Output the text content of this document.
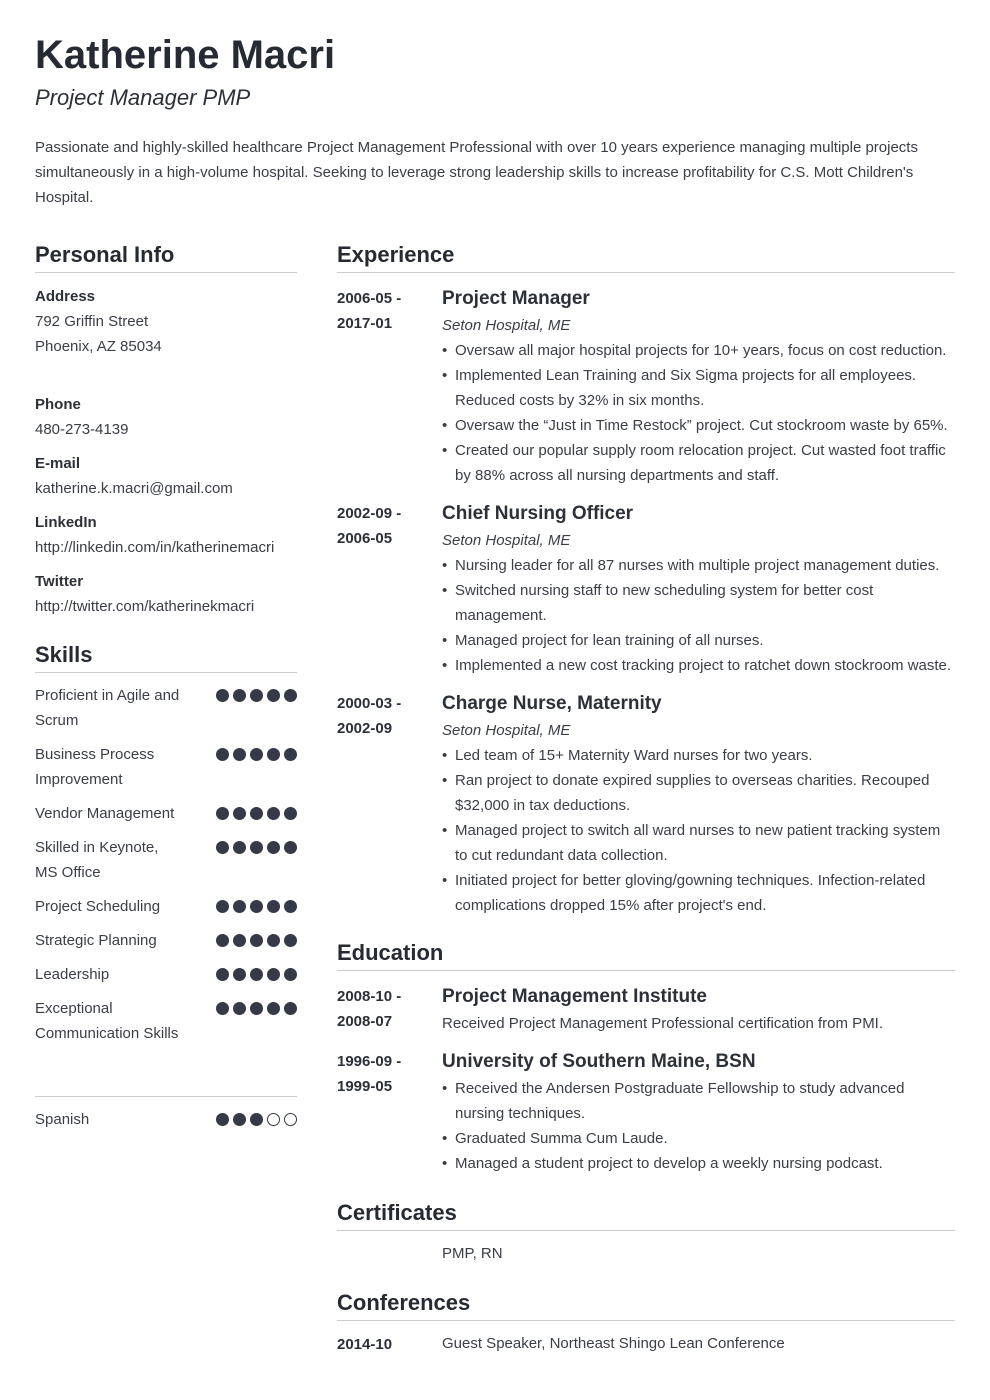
Katherine Macri
Project Manager PMP
Passionate and highly-skilled healthcare Project Management Professional with over 10 years experience managing multiple projects simultaneously in a high-volume hospital. Seeking to leverage strong leadership skills to increase profitability for C.S. Mott Children's Hospital.
Personal Info
Address
792 Griffin Street
Phoenix, AZ 85034
Phone
480-273-4139
E-mail
katherine.k.macri@gmail.com
LinkedIn
http://linkedin.com/in/katherinemacri
Twitter
http://twitter.com/katherinekmacri
Skills
Proficient in Agile and Scrum
Business Process Improvement
Vendor Management
Skilled in Keynote, MS Office
Project Scheduling
Strategic Planning
Leadership
Exceptional Communication Skills
Spanish
Experience
2006-05 -
2017-01
Project Manager
Seton Hospital, ME
• Oversaw all major hospital projects for 10+ years, focus on cost reduction.
• Implemented Lean Training and Six Sigma projects for all employees. Reduced costs by 32% in six months.
• Oversaw the “Just in Time Restock” project. Cut stockroom waste by 65%.
• Created our popular supply room relocation project. Cut wasted foot traffic by 88% across all nursing departments and staff.
2002-09 -
2006-05
Chief Nursing Officer
Seton Hospital, ME
• Nursing leader for all 87 nurses with multiple project management duties.
• Switched nursing staff to new scheduling system for better cost management.
• Managed project for lean training of all nurses.
• Implemented a new cost tracking project to ratchet down stockroom waste.
2000-03 -
2002-09
Charge Nurse, Maternity
Seton Hospital, ME
• Led team of 15+ Maternity Ward nurses for two years.
• Ran project to donate expired supplies to overseas charities. Recouped $32,000 in tax deductions.
• Managed project to switch all ward nurses to new patient tracking system to cut redundant data collection.
• Initiated project for better gloving/gowning techniques. Infection-related complications dropped 15% after project's end.
Education
2008-10 -
2008-07
Project Management Institute
Received Project Management Professional certification from PMI.
1996-09 -
1999-05
University of Southern Maine, BSN
• Received the Andersen Postgraduate Fellowship to study advanced nursing techniques.
• Graduated Summa Cum Laude.
• Managed a student project to develop a weekly nursing podcast.
Certificates
PMP, RN
Conferences
2014-10	Guest Speaker, Northeast Shingo Lean Conference
